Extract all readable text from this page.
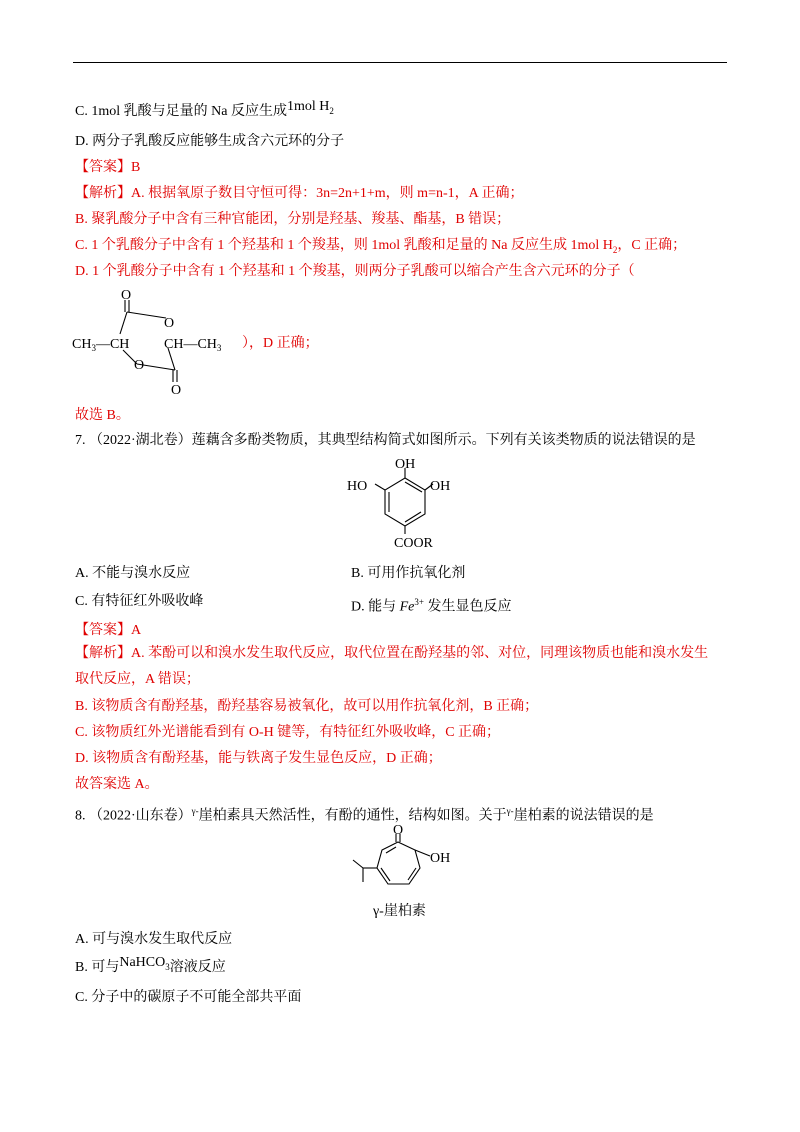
C. 1mol 乳酸与足量的 Na 反应生成1mol $H_2$
D. 两分子乳酸反应能够生成含六元环的分子
【答案】B
【解析】A. 根据氧原子数目守恒可得：3n=2n+1+m，则 m=n-1，A 正确；
B. 聚乳酸分子中含有三种官能团，分别是羟基、羧基、酯基，B 错误；
C. 1 个乳酸分子中含有 1 个羟基和 1 个羧基，则 1mol 乳酸和足量的 Na 反应生成 1mol $H_2$，C 正确；
D. 1 个乳酸分子中含有 1 个羟基和 1 个羧基，则两分子乳酸可以缩合产生含六元环的分子（
O
O
O
O
$CH_3—CH$ $CH—CH_3$ ），D 正确；
故选 B。
7. （2022·湖北卷）莲藕含多酚类物质，其典型结构简式如图所示。下列有关该类物质的说法错误的是
OH
HO	OH
COOR
A. 不能与溴水反应	B. 可用作抗氧化剂
C. 有特征红外吸收峰	D. 能与 $Fe^{3+}$ 发生显色反应
【答案】A
【解析】A. 苯酚可以和溴水发生取代反应，取代位置在酚羟基的邻、对位，同理该物质也能和溴水发生取代反应，A 错误；
B. 该物质含有酚羟基，酚羟基容易被氧化，故可以用作抗氧化剂，B 正确；
C. 该物质红外光谱能看到有 O-H 键等，有特征红外吸收峰，C 正确；
D. 该物质含有酚羟基，能与铁离子发生显色反应，D 正确；
故答案选 A。
8. （2022·山东卷）$^{\gamma-}$崖柏素具天然活性，有酚的通性，结构如图。关于$^{\gamma-}$崖柏素的说法错误的是
O
OH
γ-崖柏素
A. 可与溴水发生取代反应
B. 可与NaHCO$_3$溶液反应
C. 分子中的碳原子不可能全部共平面
